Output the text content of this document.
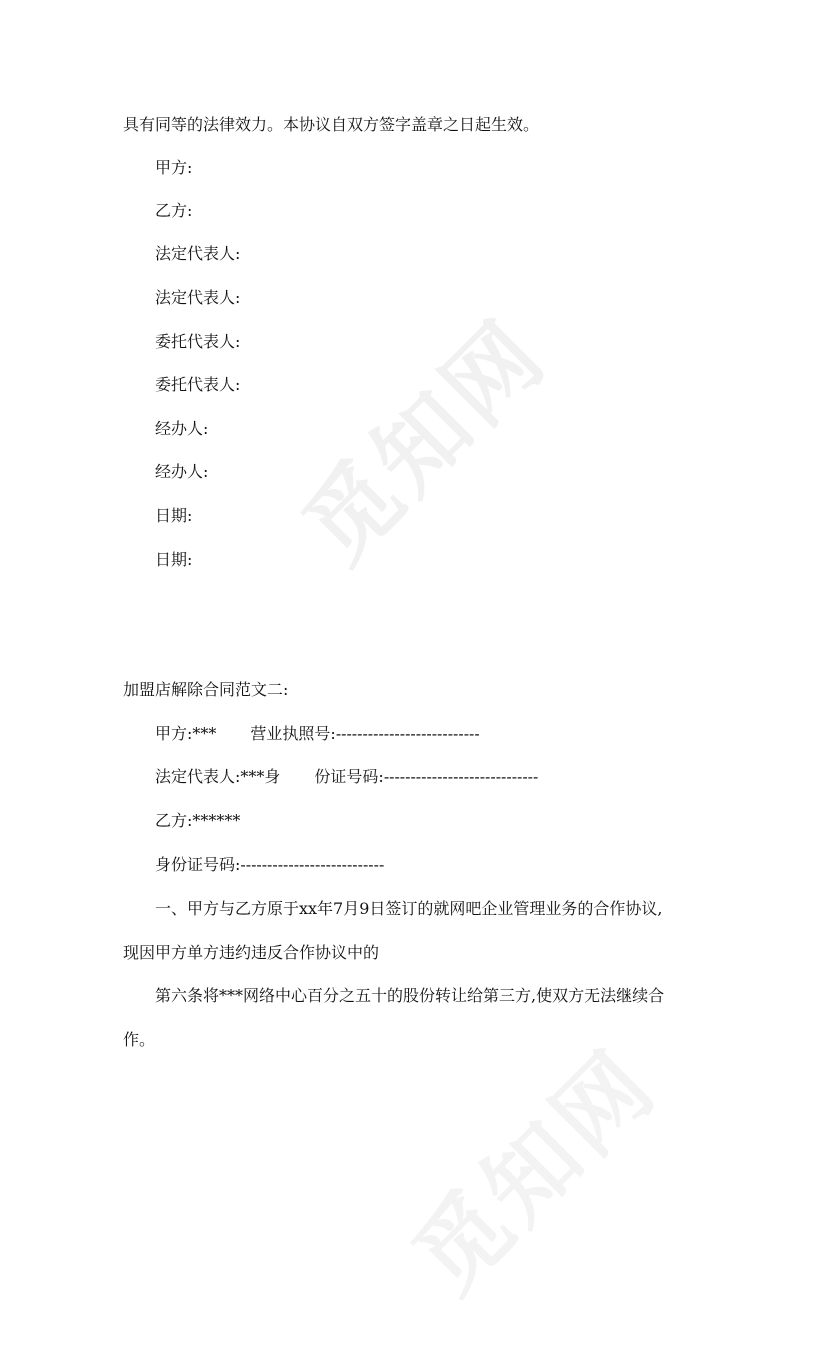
觅知网
觅知网
具有同等的法律效力。本协议自双方签字盖章之日起生效。
甲方:
乙方:
法定代表人:
法定代表人:
委托代表人:
委托代表人:
经办人:
经办人:
日期:
日期:
加盟店解除合同范文二:
甲方:*** 营业执照号:---------------------------
法定代表人:***身 份证号码:-----------------------------
乙方:******
身份证号码:---------------------------
一、甲方与乙方原于xx年7月9日签订的就网吧企业管理业务的合作协议,
现因甲方单方违约违反合作协议中的
第六条将***网络中心百分之五十的股份转让给第三方,使双方无法继续合
作。
